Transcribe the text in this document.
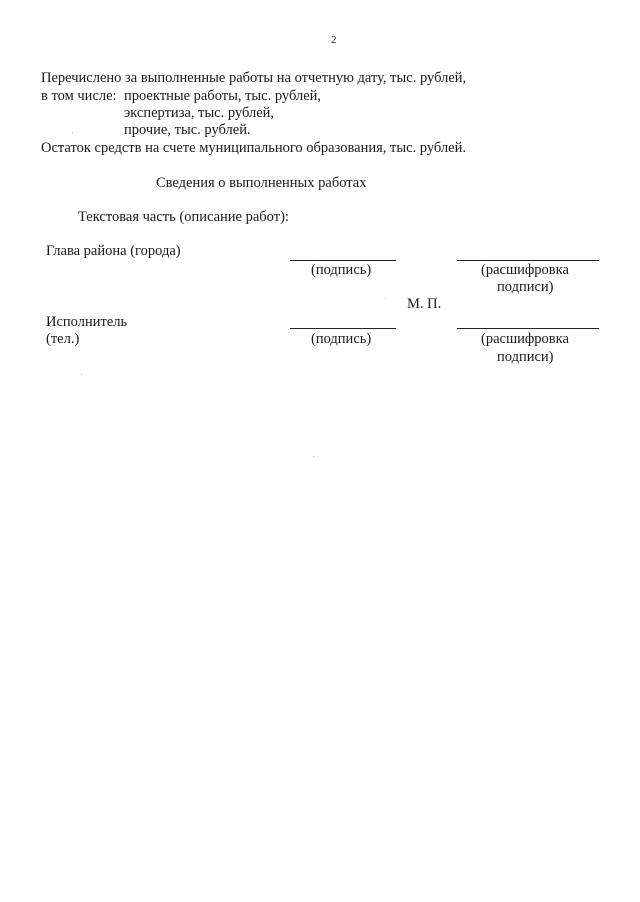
2
Перечислено за выполненные работы на отчетную дату, тыс. рублей,
в том числе: проектные работы, тыс. рублей,
экспертиза, тыс. рублей,
прочие, тыс. рублей.
Остаток средств на счете муниципального образования, тыс. рублей.
Сведения о выполненных работах
Текстовая часть (описание работ):
Глава района (города)
(подпись)	(расшифровка
подписи)
М. П.
Исполнитель
(тел.)	(подпись)	(расшифровка
подписи)
